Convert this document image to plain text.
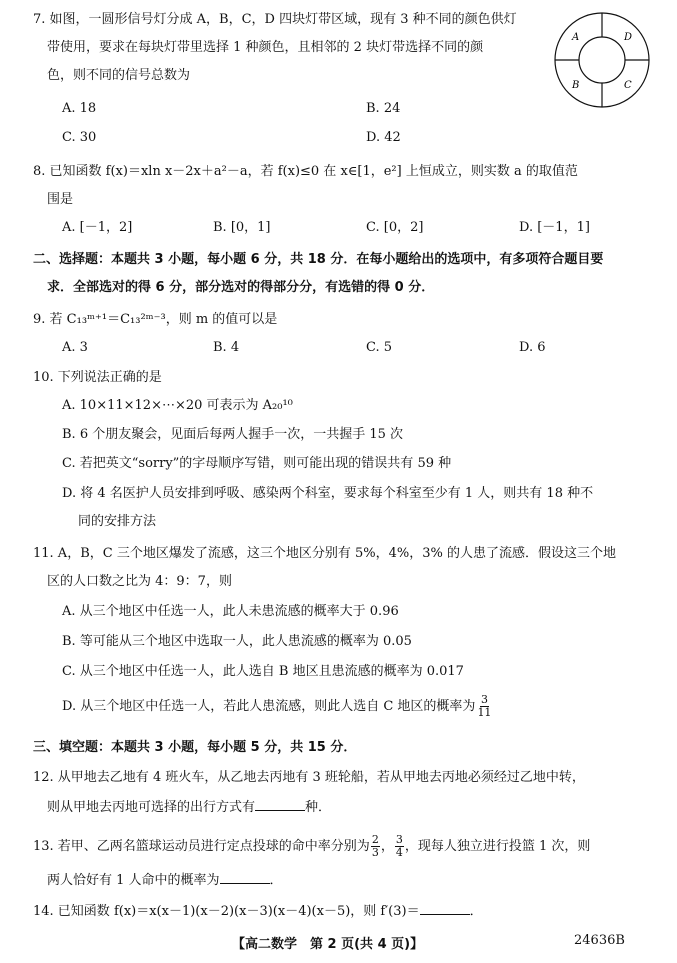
7. 如图，一圆形信号灯分成 A，B，C，D 四块灯带区域，现有 3 种不同的颜色供灯
带使用，要求在每块灯带里选择 1 种颜色，且相邻的 2 块灯带选择不同的颜
色，则不同的信号总数为
A. 18	B. 24
C. 30	D. 42
A	D
B	C
8. 已知函数 f(x)＝xln x－2x＋a²－a，若 f(x)≤0 在 x∈[1，e²] 上恒成立，则实数 a 的取值范
围是
A. [－1，2]	B. [0，1]	C. [0，2]	D. [－1，1]
二、选择题：本题共 3 小题，每小题 6 分，共 18 分．在每小题给出的选项中，有多项符合题目要
求．全部选对的得 6 分，部分选对的得部分分，有选错的得 0 分．
9. 若 C₁₃ᵐ⁺¹＝C₁₃²ᵐ⁻³，则 m 的值可以是
A. 3	B. 4	C. 5	D. 6
10. 下列说法正确的是
A. 10×11×12×⋯×20 可表示为 A₂₀¹⁰
B. 6 个朋友聚会，见面后每两人握手一次，一共握手 15 次
C. 若把英文“sorry”的字母顺序写错，则可能出现的错误共有 59 种
D. 将 4 名医护人员安排到呼吸、感染两个科室，要求每个科室至少有 1 人，则共有 18 种不
同的安排方法
11. A，B，C 三个地区爆发了流感，这三个地区分别有 5%，4%，3% 的人患了流感．假设这三个地
区的人口数之比为 4：9：7，则
A. 从三个地区中任选一人，此人未患流感的概率大于 0.96
B. 等可能从三个地区中选取一人，此人患流感的概率为 0.05
C. 从三个地区中任选一人，此人选自 B 地区且患流感的概率为 0.017
D. 从三个地区中任选一人，若此人患流感，则此人选自 C 地区的概率为 $\frac{3}{11}$
三、填空题：本题共 3 小题，每小题 5 分，共 15 分．
12. 从甲地去乙地有 4 班火车，从乙地去丙地有 3 班轮船，若从甲地去丙地必须经过乙地中转，
则从甲地去丙地可选择的出行方式有	种．
13. 若甲、乙两名篮球运动员进行定点投球的命中率分别为 $\frac{2}{3}$ ， $\frac{3}{4}$ ，现每人独立进行投篮 1 次，则
两人恰好有 1 人命中的概率为	．
14. 已知函数 f(x)＝x(x－1)(x－2)(x－3)(x－4)(x－5)，则 f′(3)＝	．
【高二数学　第 2 页(共 4 页)】	24636B
